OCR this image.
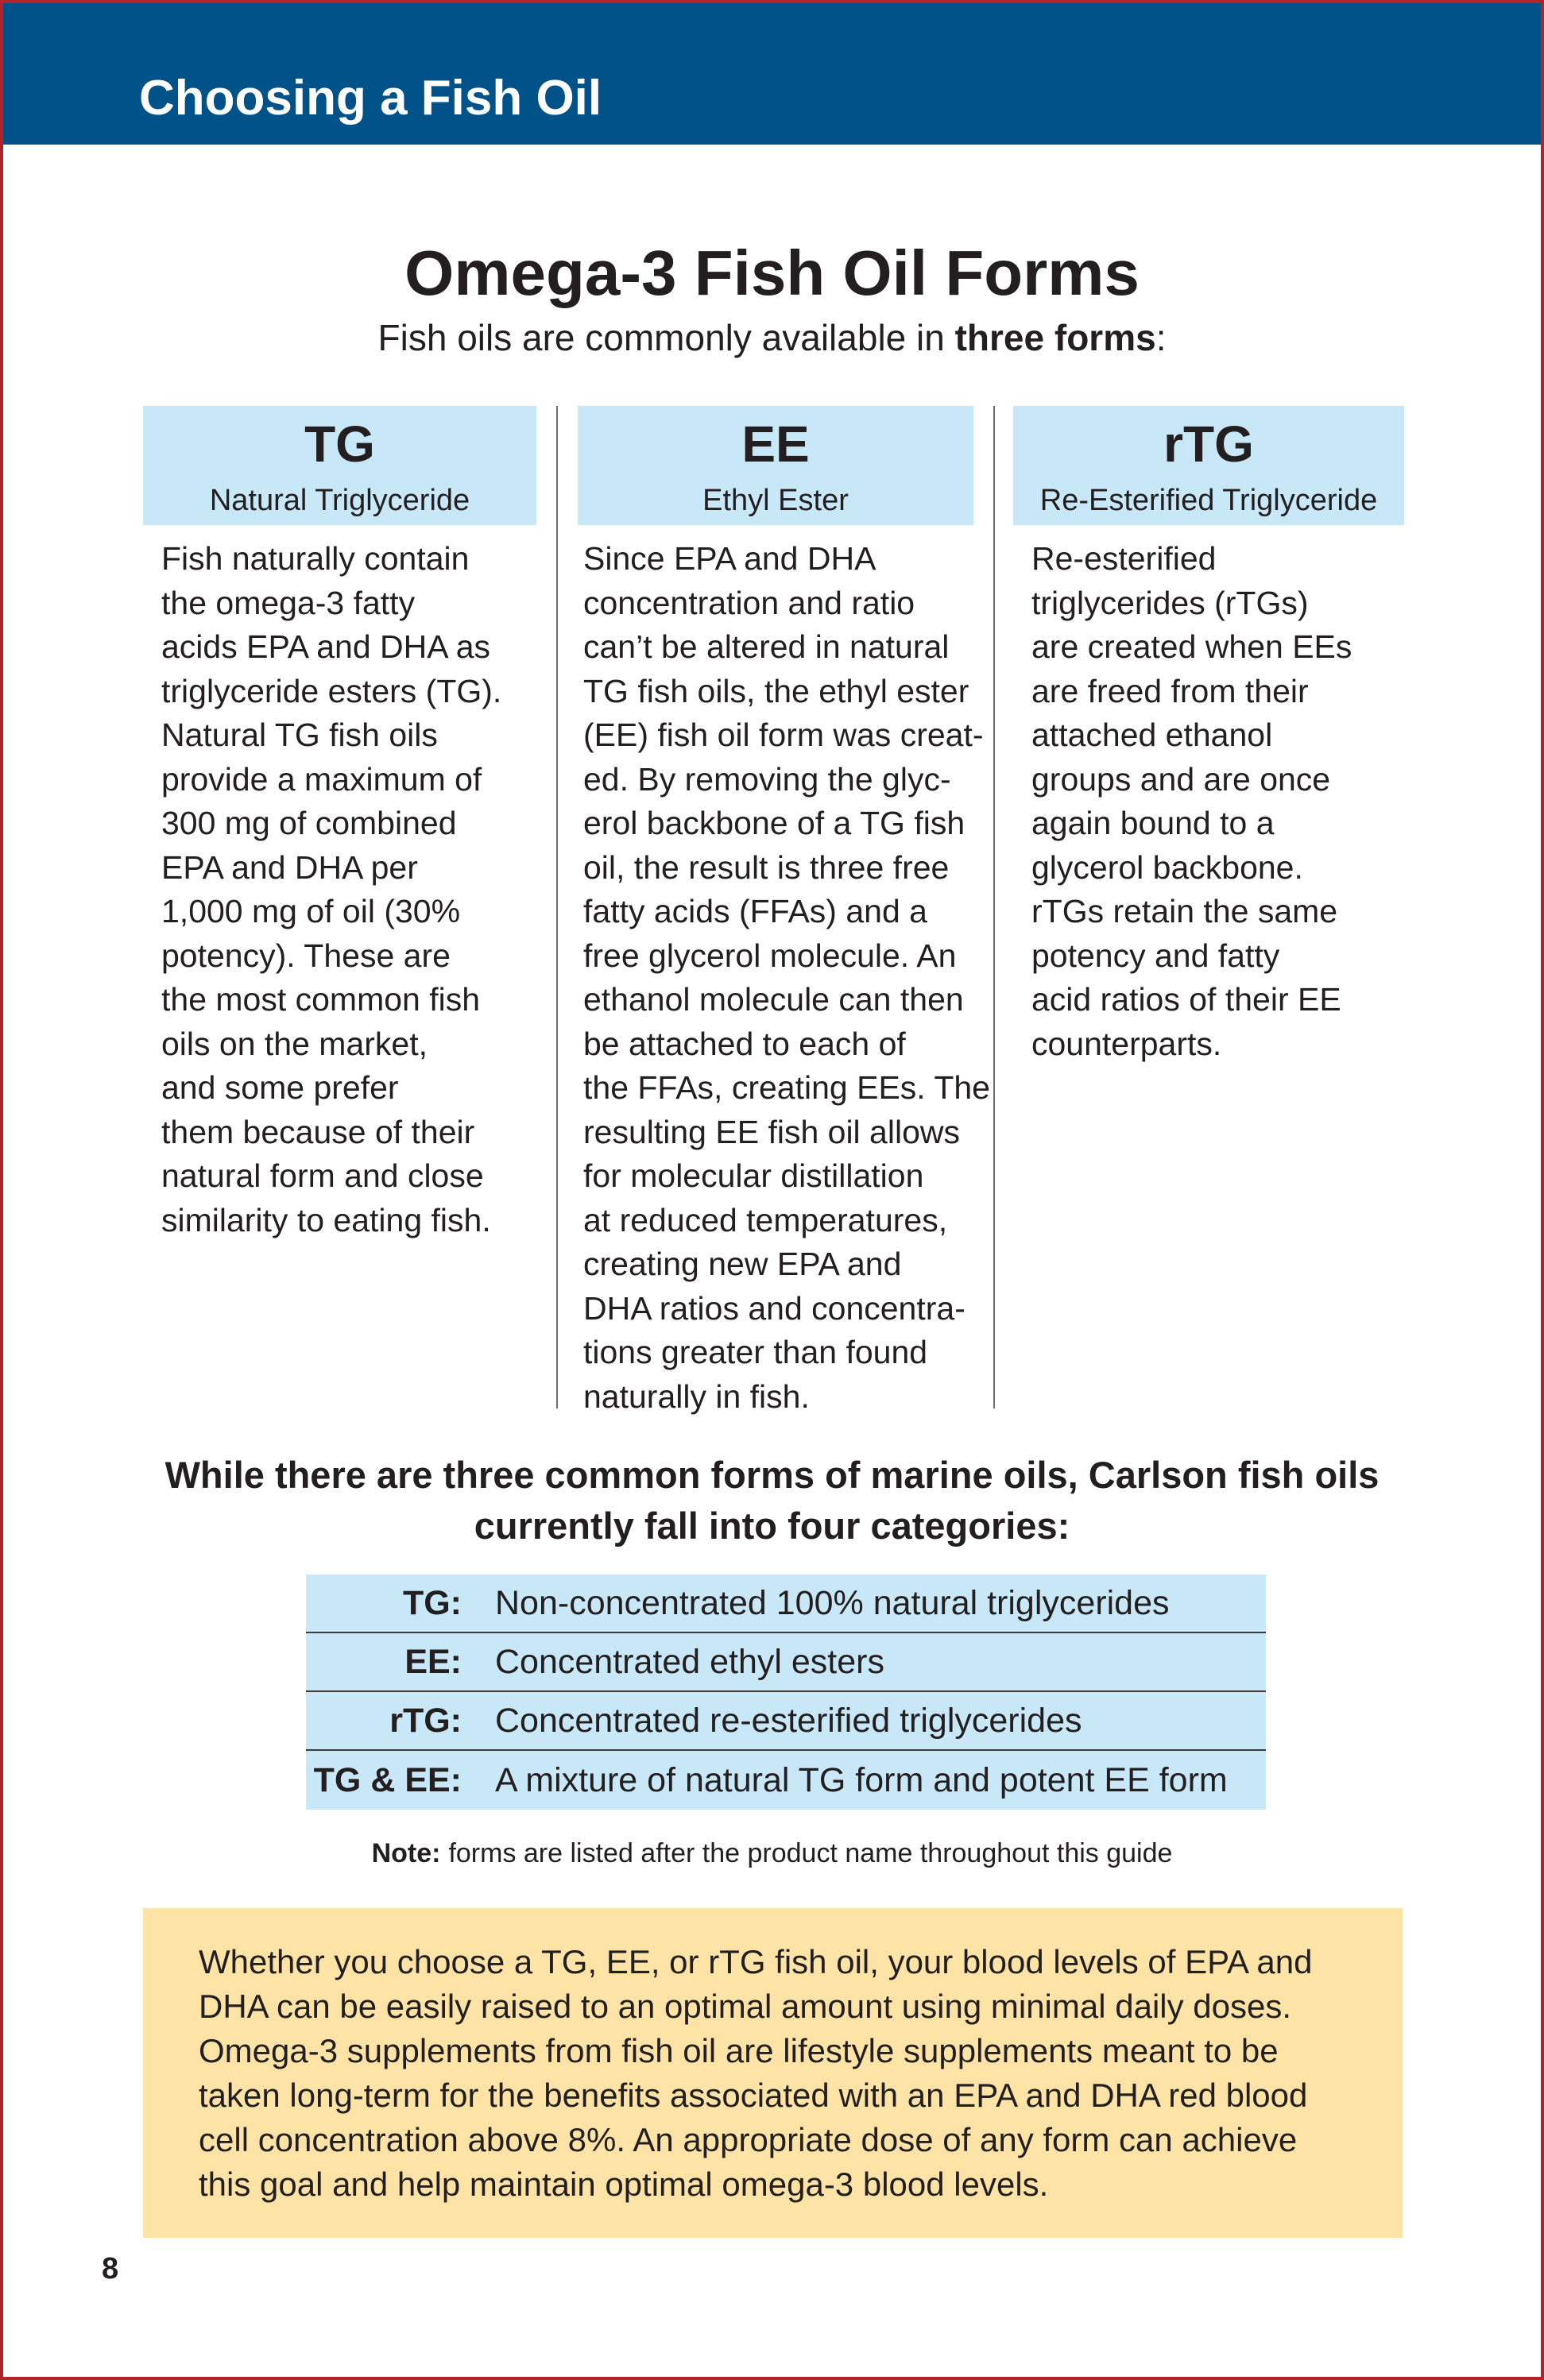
Choosing a Fish Oil
Omega-3 Fish Oil Forms
Fish oils are commonly available in three forms:
TG
Natural Triglyceride
Fish naturally contain
the omega-3 fatty
acids EPA and DHA as
triglyceride esters (TG).
Natural TG fish oils
provide a maximum of
300 mg of combined
EPA and DHA per
1,000 mg of oil (30%
potency). These are
the most common fish
oils on the market,
and some prefer
them because of their
natural form and close
similarity to eating fish.
EE
Ethyl Ester
Since EPA and DHA
concentration and ratio
can’t be altered in natural
TG fish oils, the ethyl ester
(EE) fish oil form was creat-
ed. By removing the glyc-
erol backbone of a TG fish
oil, the result is three free
fatty acids (FFAs) and a
free glycerol molecule. An
ethanol molecule can then
be attached to each of
the FFAs, creating EEs. The
resulting EE fish oil allows
for molecular distillation
at reduced temperatures,
creating new EPA and
DHA ratios and concentra-
tions greater than found
naturally in fish.
rTG
Re-Esterified Triglyceride
Re-esterified
triglycerides (rTGs)
are created when EEs
are freed from their
attached ethanol
groups and are once
again bound to a
glycerol backbone.
rTGs retain the same
potency and fatty
acid ratios of their EE
counterparts.
While there are three common forms of marine oils, Carlson fish oils
currently fall into four categories:
TG: Non-concentrated 100% natural triglycerides
EE: Concentrated ethyl esters
rTG: Concentrated re-esterified triglycerides
TG & EE: A mixture of natural TG form and potent EE form
Note: forms are listed after the product name throughout this guide
Whether you choose a TG, EE, or rTG fish oil, your blood levels of EPA and
DHA can be easily raised to an optimal amount using minimal daily doses.
Omega-3 supplements from fish oil are lifestyle supplements meant to be
taken long-term for the benefits associated with an EPA and DHA red blood
cell concentration above 8%. An appropriate dose of any form can achieve
this goal and help maintain optimal omega-3 blood levels.
8
